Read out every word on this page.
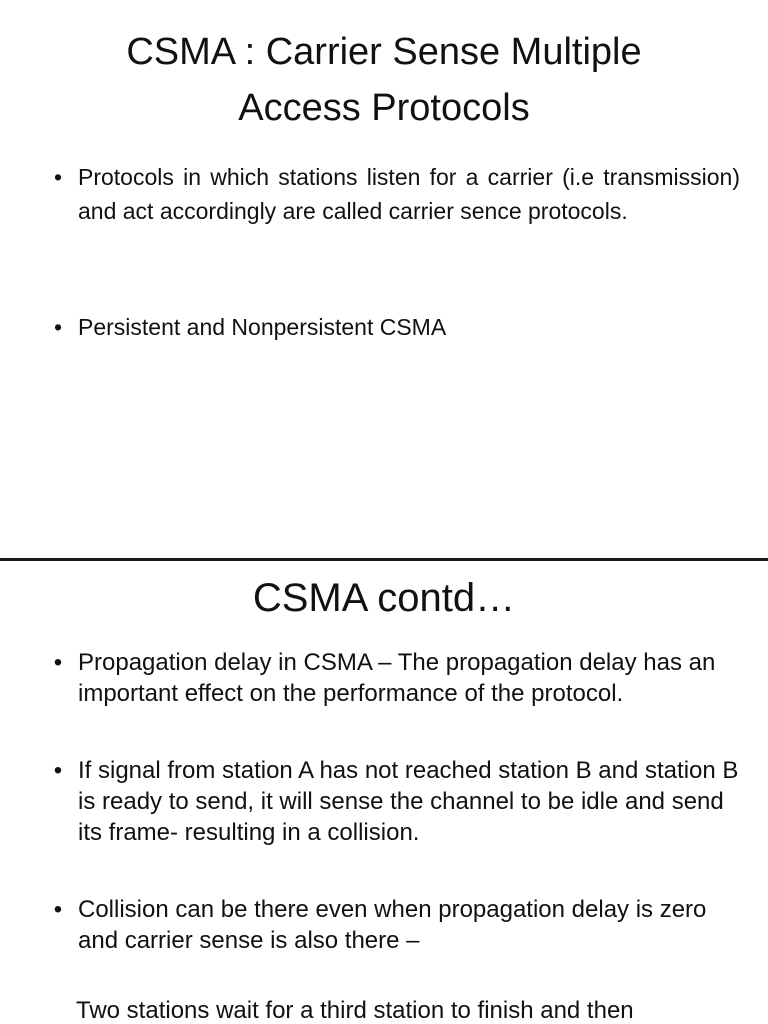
CSMA : Carrier Sense Multiple
Access Protocols
• Protocols in which stations listen for a carrier (i.e transmission) and act accordingly are called carrier sence protocols.
• Persistent and Nonpersistent CSMA
CSMA contd…
• Propagation delay in CSMA – The propagation delay has an important effect on the performance of the protocol.
• If signal from station A has not reached station B and station B is ready to send, it will sense the channel to be idle and send its frame- resulting in a collision.
• Collision can be there even when propagation delay is zero and carrier sense is also there –
Two stations wait for a third station to finish and then
